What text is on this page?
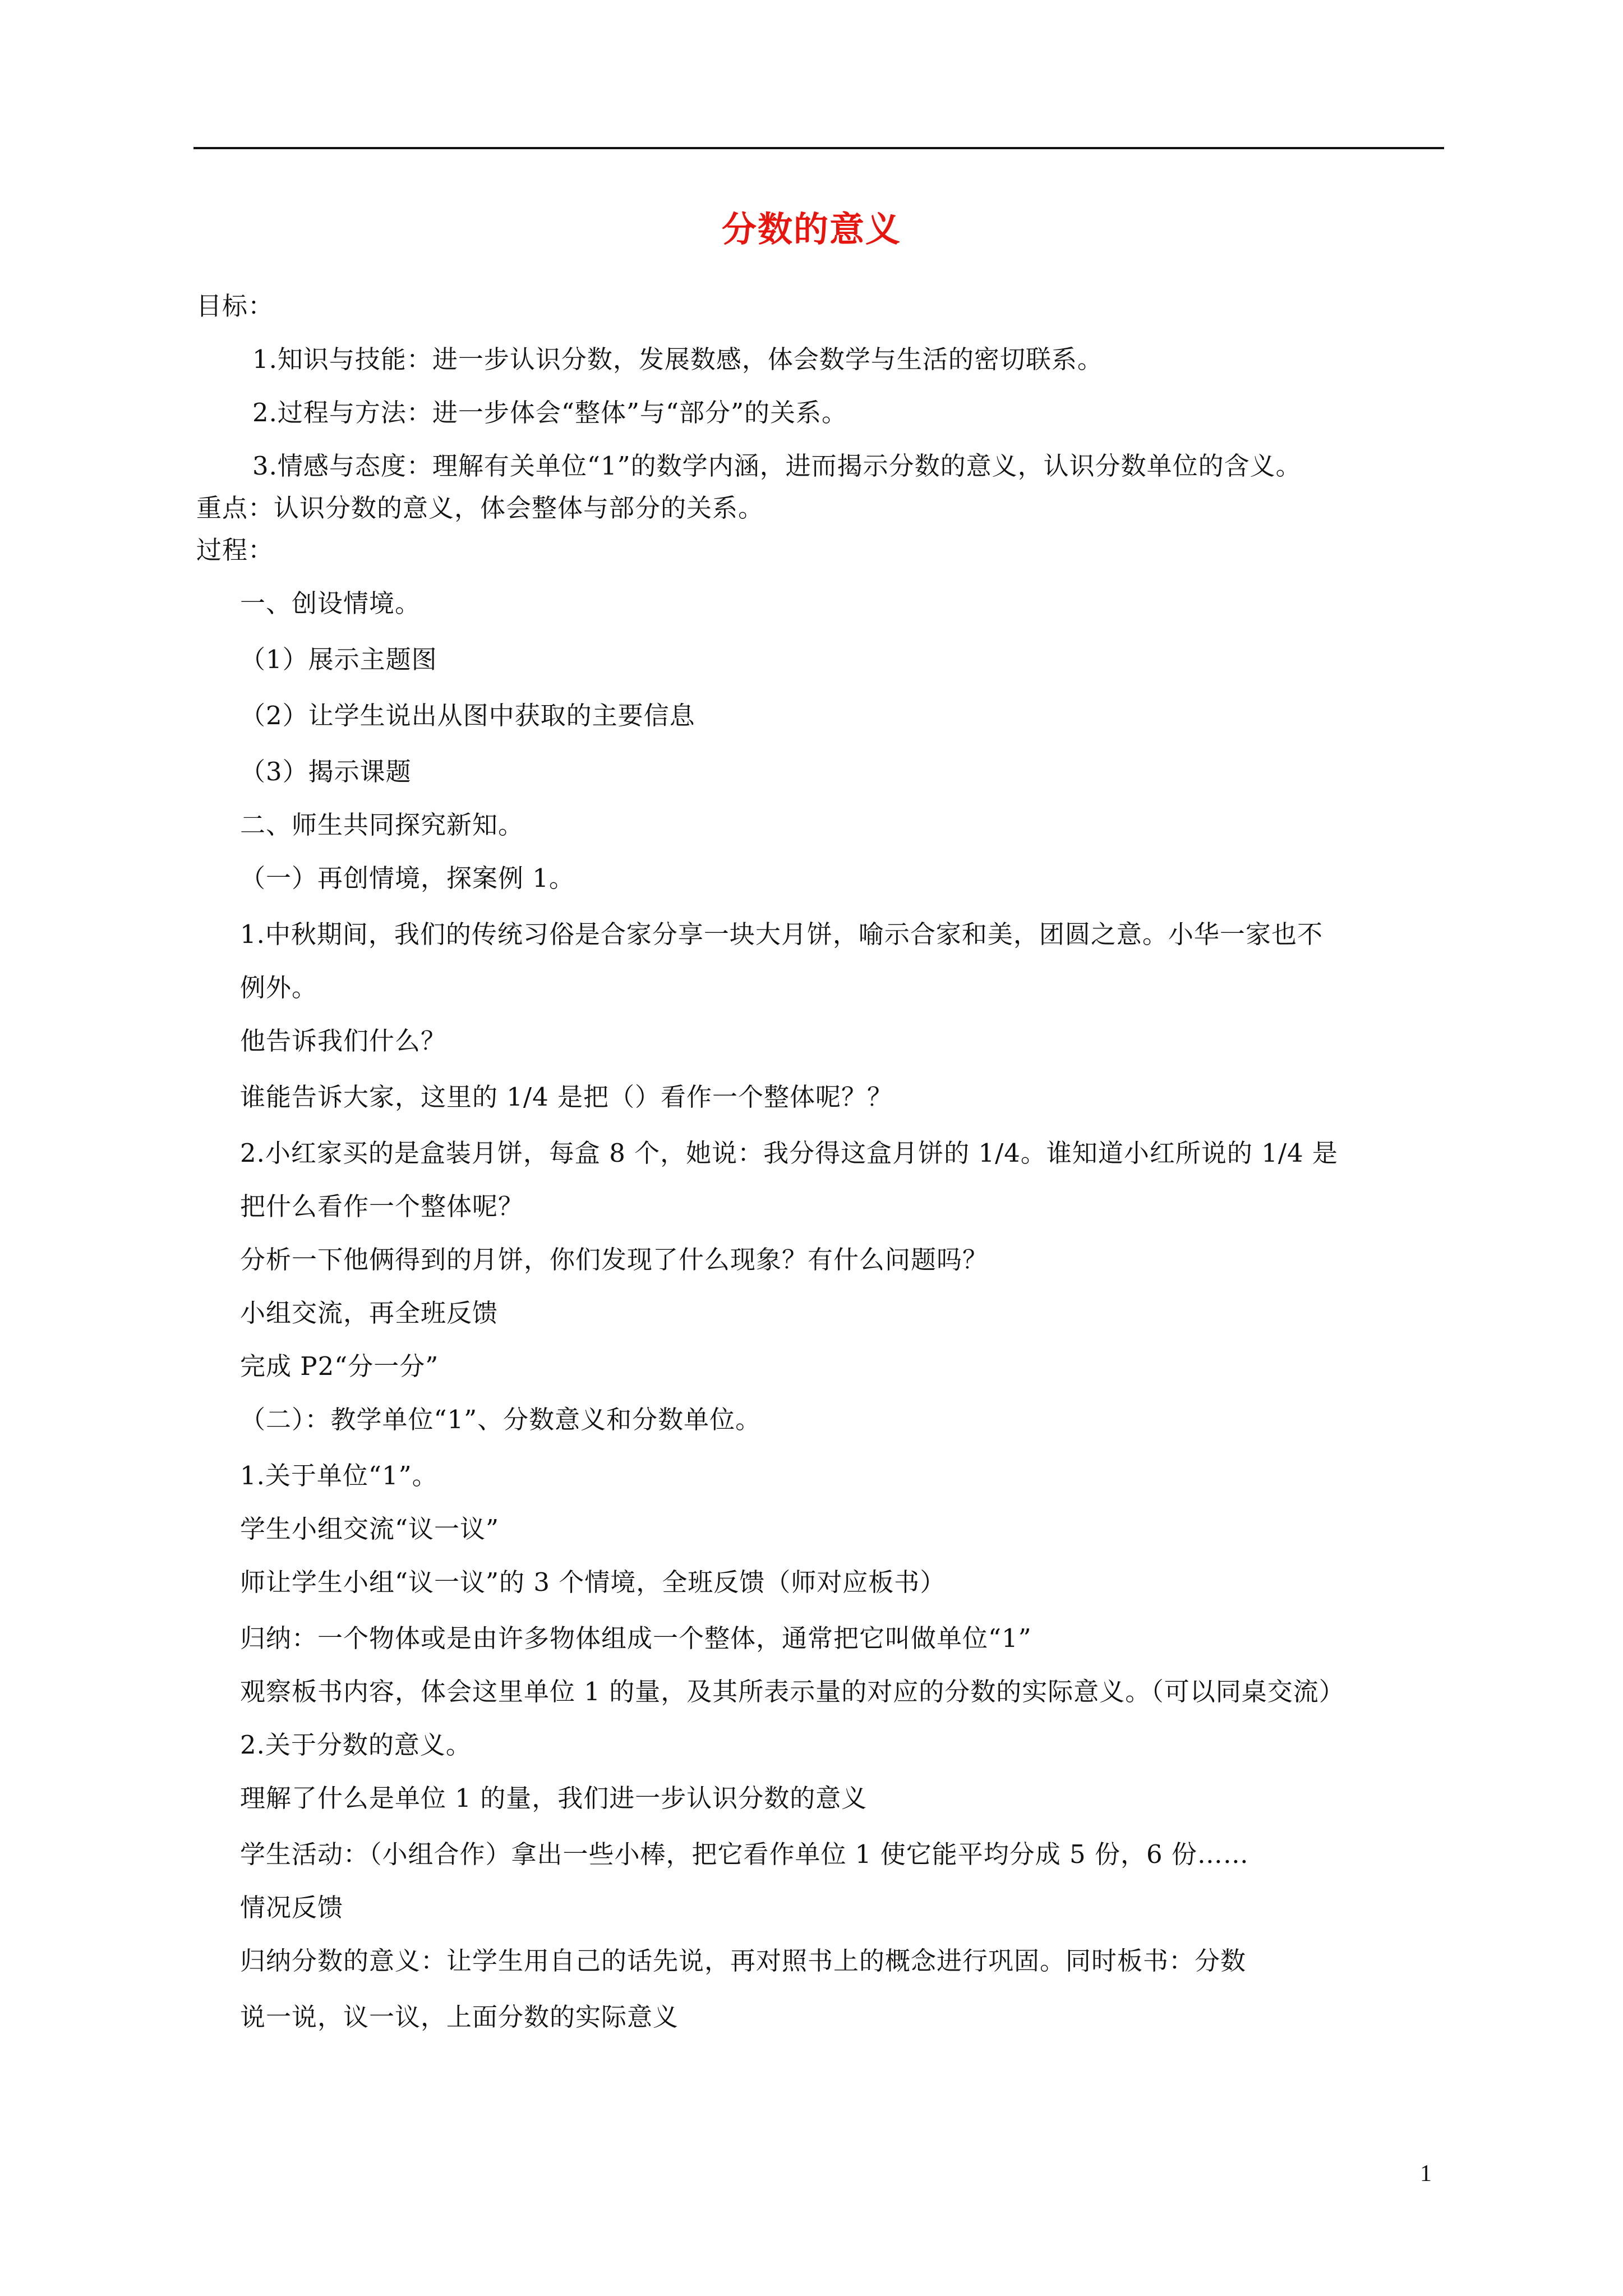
分数的意义
目标：
1.知识与技能：进一步认识分数，发展数感，体会数学与生活的密切联系。
2.过程与方法：进一步体会“整体”与“部分”的关系。
3.情感与态度：理解有关单位“1”的数学内涵，进而揭示分数的意义，认识分数单位的含义。
重点：认识分数的意义，体会整体与部分的关系。
过程：
一、创设情境。
（1）展示主题图
（2）让学生说出从图中获取的主要信息
（3）揭示课题
二、师生共同探究新知。
（一）再创情境，探案例 1。
1.中秋期间，我们的传统习俗是合家分享一块大月饼，喻示合家和美，团圆之意。小华一家也不
例外。
他告诉我们什么？
谁能告诉大家，这里的 1/4 是把（）看作一个整体呢？？
2.小红家买的是盒装月饼，每盒 8 个，她说：我分得这盒月饼的 1/4。谁知道小红所说的 1/4 是
把什么看作一个整体呢？
分析一下他俩得到的月饼，你们发现了什么现象？有什么问题吗？
小组交流，再全班反馈
完成 P2“分一分”
（二）：教学单位“1”、分数意义和分数单位。
1.关于单位“1”。
学生小组交流“议一议”
师让学生小组“议一议”的 3 个情境，全班反馈（师对应板书）
归纳：一个物体或是由许多物体组成一个整体，通常把它叫做单位“1”
观察板书内容，体会这里单位 1 的量，及其所表示量的对应的分数的实际意义。（可以同桌交流）
2.关于分数的意义。
理解了什么是单位 1 的量，我们进一步认识分数的意义
学生活动：（小组合作）拿出一些小棒，把它看作单位 1 使它能平均分成 5 份，6 份……
情况反馈
归纳分数的意义：让学生用自己的话先说，再对照书上的概念进行巩固。同时板书：分数
说一说，议一议，上面分数的实际意义
1
